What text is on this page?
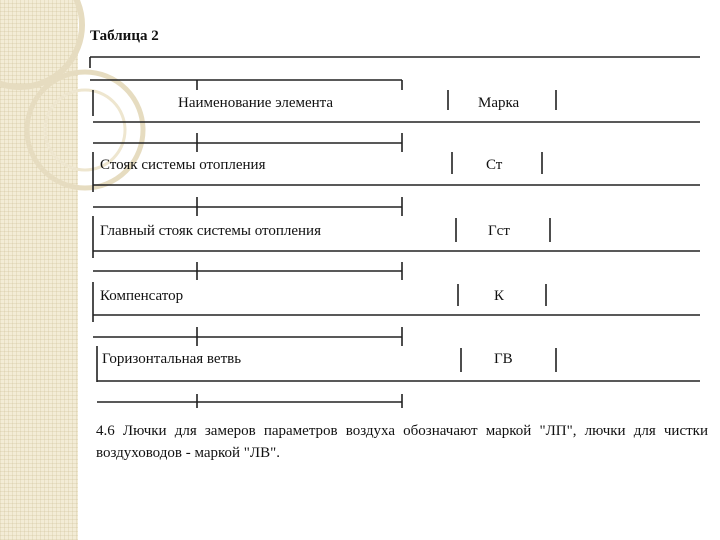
Таблица 2
Наименование элемента	Марка
Стояк системы отопления	Ст
Главный стояк системы отопления	Гст
Компенсатор	К
Горизонтальная ветвь	ГВ
4.6 Лючки для замеров параметров воздуха обозначают маркой "ЛП", лючки для чистки воздуховодов - маркой "ЛВ".
